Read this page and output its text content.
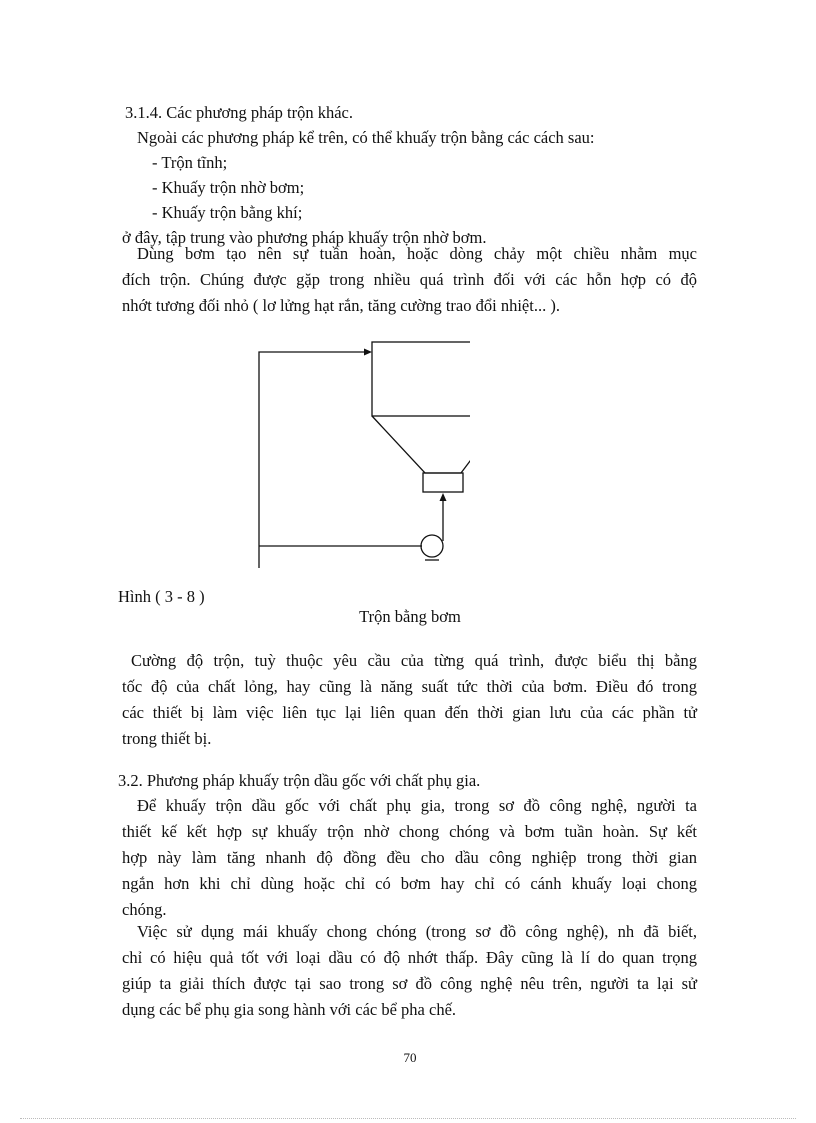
3.1.4. Các phương pháp trộn khác.
Ngoài các phương pháp kể trên, có thể khuấy trộn bằng các cách sau:
- Trộn tĩnh;
- Khuấy trộn nhờ bơm;
- Khuấy trộn bằng khí;
ở đây, tập trung vào phương pháp khuấy trộn nhờ bơm.
Dùng bơm tạo nên sự tuần hoàn, hoặc dòng chảy một chiều nhằm mục
đích trộn. Chúng được gặp trong nhiều quá trình đối với các hỗn hợp có độ
nhớt tương đối nhỏ ( lơ lửng hạt rắn, tăng cường trao đổi nhiệt... ).
Hình ( 3 - 8 )
Trộn bằng bơm
Cường độ trộn, tuỳ thuộc yêu cầu của từng quá trình, được biểu thị bằng
tốc độ của chất lỏng, hay cũng là năng suất tức thời của bơm. Điều đó trong
các thiết bị làm việc liên tục lại liên quan đến thời gian lưu của các phần tử
trong thiết bị.
3.2. Phương pháp khuấy trộn dầu gốc với chất phụ gia.
Để khuấy trộn dầu gốc với chất phụ gia, trong sơ đồ công nghệ, người ta
thiết kế kết hợp sự khuấy trộn nhờ chong chóng và bơm tuần hoàn. Sự kết
hợp này làm tăng nhanh độ đồng đều cho dầu công nghiệp trong thời gian
ngắn hơn khi chỉ dùng hoặc chỉ có bơm hay chỉ có cánh khuấy loại chong
chóng.
Việc sử dụng mái khuấy chong chóng (trong sơ đồ công nghệ), nh đã biết,
chỉ có hiệu quả tốt với loại dầu có độ nhớt thấp. Đây cũng là lí do quan trọng
giúp ta giải thích được tại sao trong sơ đồ công nghệ nêu trên, người ta lại sử
dụng các bể phụ gia song hành với các bể pha chế.
70
